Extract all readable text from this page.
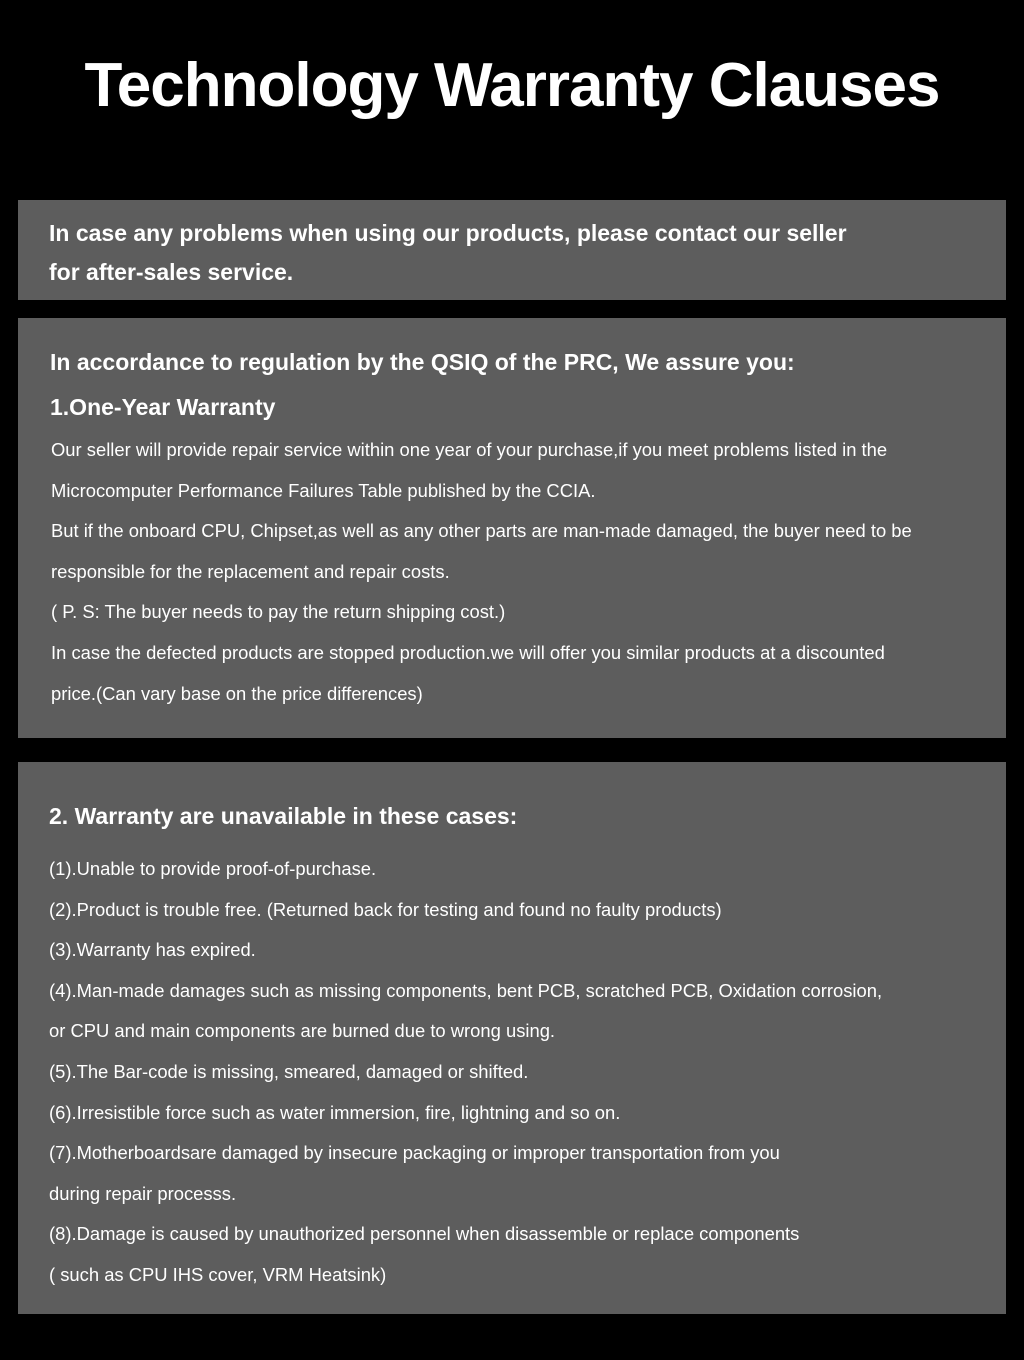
Technology Warranty Clauses

In case any problems when using our products, please contact our seller

for after-sales service.

In accordance to regulation by the QSIQ of the PRC, We assure you:

1.One-Year Warranty

Our seller will provide repair service within one year of your purchase,if you meet problems listed in the

Microcomputer Performance Failures Table published by the CCIA.

But if the onboard CPU, Chipset,as well as any other parts are man-made damaged, the buyer need to be

responsible for the replacement and repair costs.

( P. S: The buyer needs to pay the return shipping cost.)

In case the defected products are stopped production.we will offer you similar products at a discounted

price.(Can vary base on the price differences)

2. Warranty are unavailable in these cases:

(1).Unable to provide proof-of-purchase.

(2).Product is trouble free. (Returned back for testing and found no faulty products)

(3).Warranty has expired.

(4).Man-made damages such as missing components, bent PCB, scratched PCB, Oxidation corrosion,

or CPU and main components are burned due to wrong using.

(5).The Bar-code is missing, smeared, damaged or shifted.

(6).Irresistible force such as water immersion, fire, lightning and so on.

(7).Motherboardsare damaged by insecure packaging or improper transportation from you

during repair processs.

(8).Damage is caused by unauthorized personnel when disassemble or replace components

( such as CPU IHS cover, VRM Heatsink)
